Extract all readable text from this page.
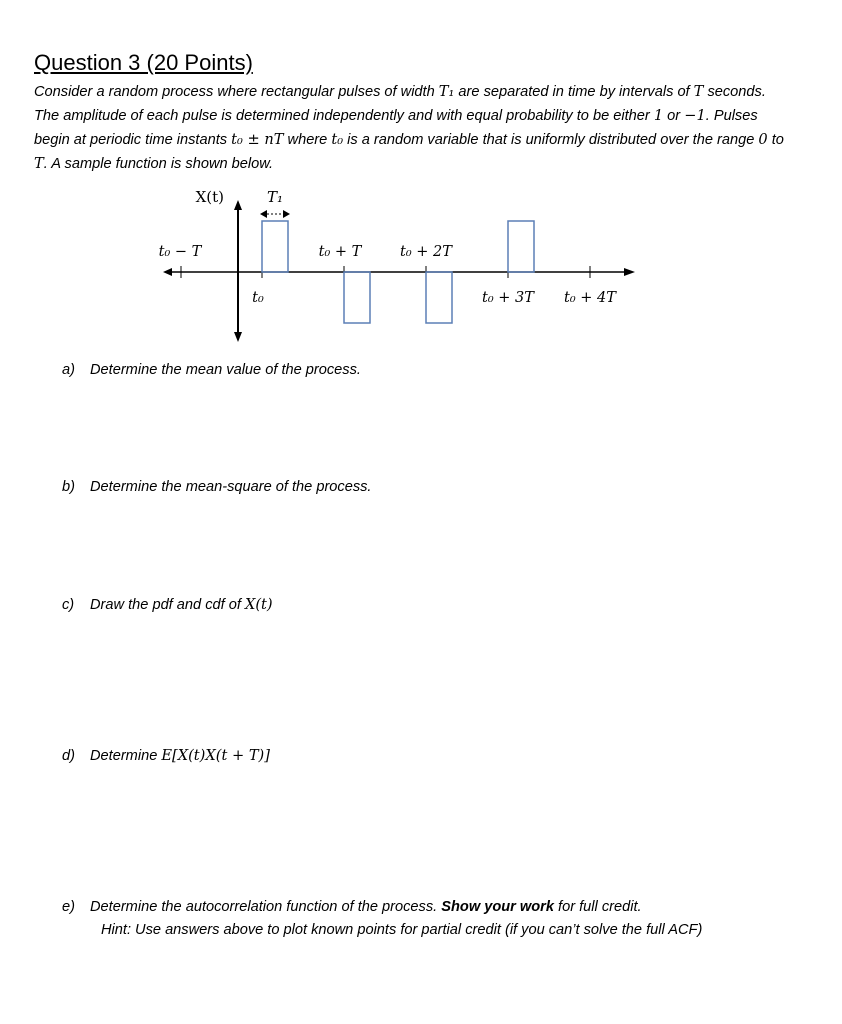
Question 3 (20 Points)
Consider a random process where rectangular pulses of width T₁ are separated in time by intervals of T seconds. The amplitude of each pulse is determined independently and with equal probability to be either 1 or −1. Pulses begin at periodic time instants t₀ ± nT where t₀ is a random variable that is uniformly distributed over the range 0 to T. A sample function is shown below.
X(t)	T₁
t₀ − T	t₀ + T	t₀ + 2T
t₀	t₀ + 3T t₀ + 4T
a) Determine the mean value of the process.
b) Determine the mean-square of the process.
c) Draw the pdf and cdf of X(t)
d) Determine E[X(t)X(t + T)]
e) Determine the autocorrelation function of the process. Show your work for full credit.
Hint: Use answers above to plot known points for partial credit (if you can’t solve the full ACF)
